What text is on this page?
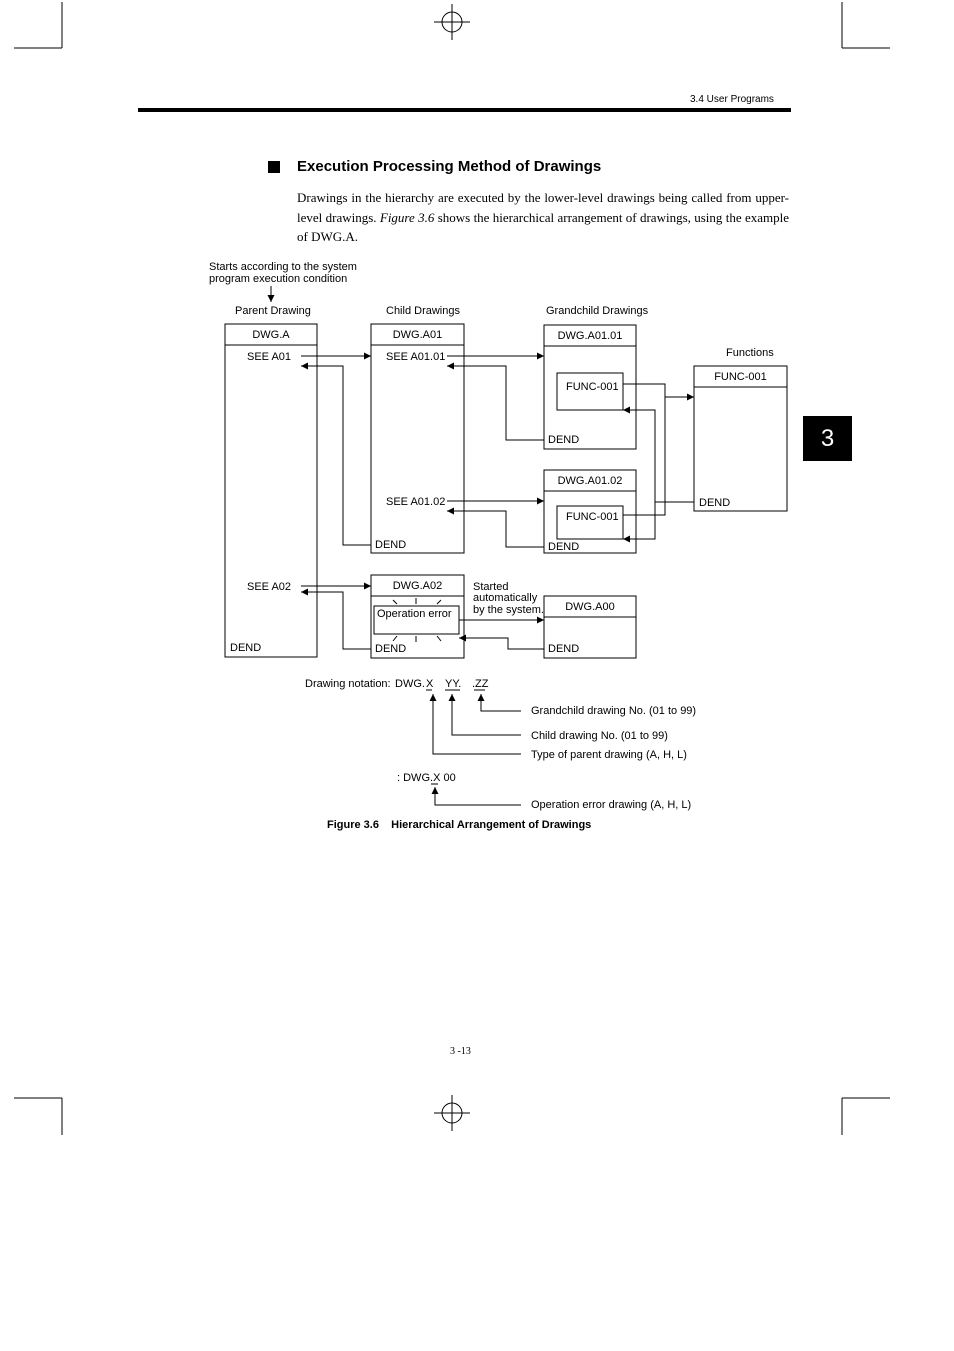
3.4 User Programs
Execution Processing Method of Drawings
Drawings in the hierarchy are executed by the lower-level drawings being called from upper-level drawings. Figure 3.6 shows the hierarchical arrangement of drawings, using the example of DWG.A.
3
Starts according to the system
program execution condition
Parent Drawing	Child Drawings	Grandchild Drawings
Functions
DWG.A
SEE A01
SEE A02
DEND
DWG.A01
SEE A01.01
SEE A01.02
DEND
DWG.A02
Operation error
DEND
DWG.A01.01
FUNC-001
DEND
DWG.A01.02
FUNC-001
DEND
Started
automatically
by the system.	DWG.A00
DEND
FUNC-001
DEND
Drawing notation: DWG. X YY. .ZZ
Grandchild drawing No. (01 to 99)
Child drawing No. (01 to 99)
Type of parent drawing (A, H, L)
: DWG.X 00
Operation error drawing (A, H, L)
Figure 3.6    Hierarchical Arrangement of Drawings
3 -13
